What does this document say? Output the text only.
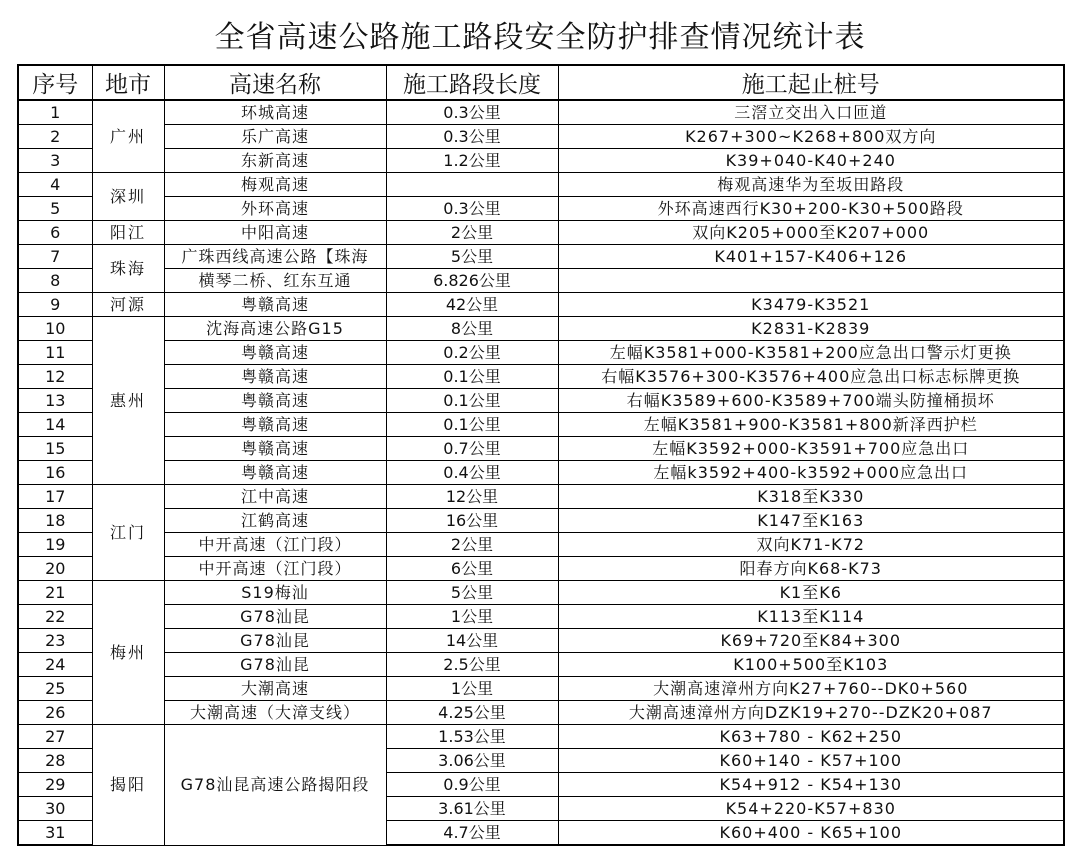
全省高速公路施工路段安全防护排查情况统计表
序号	地市	高速名称	施工路段长度	施工起止桩号
1	广州	环城高速	0.3公里	三滘立交出入口匝道
2		乐广高速	0.3公里	K267+300~K268+800双方向
3		东新高速	1.2公里	K39+040-K40+240
4	深圳	梅观高速		梅观高速华为至坂田路段
5		外环高速	0.3公里	外环高速西行K30+200-K30+500路段
6	阳江	中阳高速	2公里	双向K205+000至K207+000
7	珠海	广珠西线高速公路【珠海	5公里	K401+157-K406+126
8		横琴二桥、红东互通	6.826公里	
9	河源	粤赣高速	42公里	K3479-K3521
10	惠州	沈海高速公路G15	8公里	K2831-K2839
11		粤赣高速	0.2公里	左幅K3581+000-K3581+200应急出口警示灯更换
12		粤赣高速	0.1公里	右幅K3576+300-K3576+400应急出口标志标牌更换
13		粤赣高速	0.1公里	右幅K3589+600-K3589+700端头防撞桶损坏
14		粤赣高速	0.1公里	左幅K3581+900-K3581+800新泽西护栏
15		粤赣高速	0.7公里	左幅K3592+000-K3591+700应急出口
16		粤赣高速	0.4公里	左幅k3592+400-k3592+000应急出口
17	江门	江中高速	12公里	K318至K330
18		江鹤高速	16公里	K147至K163
19		中开高速（江门段）	2公里	双向K71-K72
20		中开高速（江门段）	6公里	阳春方向K68-K73
21	梅州	S19梅汕	5公里	K1至K6
22		G78汕昆	1公里	K113至K114
23		G78汕昆	14公里	K69+720至K84+300
24		G78汕昆	2.5公里	K100+500至K103
25		大潮高速	1公里	大潮高速漳州方向K27+760--DK0+560
26		大潮高速（大漳支线）	4.25公里	大潮高速漳州方向DZK19+270--DZK20+087
27	揭阳	G78汕昆高速公路揭阳段	1.53公里	K63+780 - K62+250
28			3.06公里	K60+140 - K57+100
29			0.9公里	K54+912 - K54+130
30			3.61公里	K54+220-K57+830
31			4.7公里	K60+400 - K65+100
